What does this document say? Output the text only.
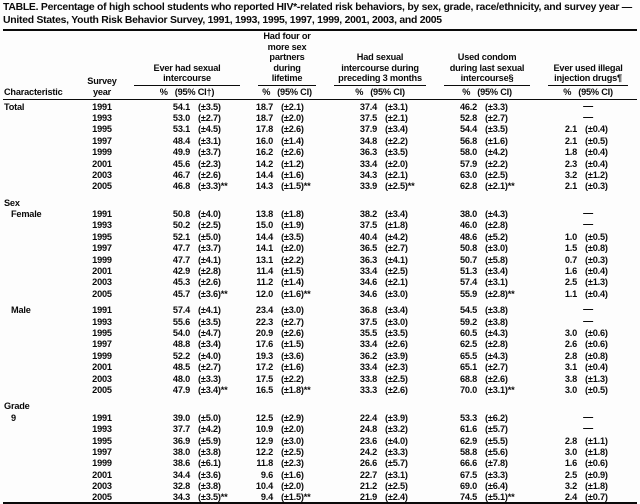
TABLE. Percentage of high school students who reported HIV*-related risk behaviors, by sex, grade, race/ethnicity, and survey year — United States, Youth Risk Behavior Survey, 1991, 1993, 1995, 1997, 1999, 2001, 2003, and 2005
Characteristic	Survey year	Ever had sexual intercourse		Had four or more sex partners during lifetime		Had sexual intercourse during preceding 3 months		Used condom during last sexual intercourse§		Ever used illegal injection drugs¶	

		% (95% CI†)		% (95% CI)		% (95% CI)		% (95% CI)		% (95% CI)	
Total	1991	54.1	(±3.5)	18.7	(±2.1)	37.4	(±3.1)	46.2	(±3.3)	—	
	1993	53.0	(±2.7)	18.7	(±2.0)	37.5	(±2.1)	52.8	(±2.7)	—	
	1995	53.1	(±4.5)	17.8	(±2.6)	37.9	(±3.4)	54.4	(±3.5)	2.1	(±0.4)
	1997	48.4	(±3.1)	16.0	(±1.4)	34.8	(±2.2)	56.8	(±1.6)	2.1	(±0.5)
	1999	49.9	(±3.7)	16.2	(±2.6)	36.3	(±3.5)	58.0	(±4.2)	1.8	(±0.4)
	2001	45.6	(±2.3)	14.2	(±1.2)	33.4	(±2.0)	57.9	(±2.2)	2.3	(±0.4)
	2003	46.7	(±2.6)	14.4	(±1.6)	34.3	(±2.1)	63.0	(±2.5)	3.2	(±1.2)
	2005	46.8	(±3.3)**	14.3	(±1.5)**	33.9	(±2.5)**	62.8	(±2.1)**	2.1	(±0.3)
Sex											
Female	1991	50.8	(±4.0)	13.8	(±1.8)	38.2	(±3.4)	38.0	(±4.3)	—	
	1993	50.2	(±2.5)	15.0	(±1.9)	37.5	(±1.8)	46.0	(±2.8)	—	
	1995	52.1	(±5.0)	14.4	(±3.5)	40.4	(±4.2)	48.6	(±5.2)	1.0	(±0.5)
	1997	47.7	(±3.7)	14.1	(±2.0)	36.5	(±2.7)	50.8	(±3.0)	1.5	(±0.8)
	1999	47.7	(±4.1)	13.1	(±2.2)	36.3	(±4.1)	50.7	(±5.8)	0.7	(±0.3)
	2001	42.9	(±2.8)	11.4	(±1.5)	33.4	(±2.5)	51.3	(±3.4)	1.6	(±0.4)
	2003	45.3	(±2.6)	11.2	(±1.4)	34.6	(±2.1)	57.4	(±3.1)	2.5	(±1.3)
	2005	45.7	(±3.6)**	12.0	(±1.6)**	34.6	(±3.0)	55.9	(±2.8)**	1.1	(±0.4)
Male	1991	57.4	(±4.1)	23.4	(±3.0)	36.8	(±3.4)	54.5	(±3.8)	—	
	1993	55.6	(±3.5)	22.3	(±2.7)	37.5	(±3.0)	59.2	(±3.8)	—	
	1995	54.0	(±4.7)	20.9	(±2.6)	35.5	(±3.5)	60.5	(±4.3)	3.0	(±0.6)
	1997	48.8	(±3.4)	17.6	(±1.5)	33.4	(±2.6)	62.5	(±2.8)	2.6	(±0.6)
	1999	52.2	(±4.0)	19.3	(±3.6)	36.2	(±3.9)	65.5	(±4.3)	2.8	(±0.8)
	2001	48.5	(±2.7)	17.2	(±1.6)	33.4	(±2.3)	65.1	(±2.7)	3.1	(±0.4)
	2003	48.0	(±3.3)	17.5	(±2.2)	33.8	(±2.5)	68.8	(±2.6)	3.8	(±1.3)
	2005	47.9	(±3.4)**	16.5	(±1.8)**	33.3	(±2.6)	70.0	(±3.1)**	3.0	(±0.5)
Grade											
9	1991	39.0	(±5.0)	12.5	(±2.9)	22.4	(±3.9)	53.3	(±6.2)	—	
	1993	37.7	(±4.2)	10.9	(±2.0)	24.8	(±3.2)	61.6	(±5.7)	—	
	1995	36.9	(±5.9)	12.9	(±3.0)	23.6	(±4.0)	62.9	(±5.5)	2.8	(±1.1)
	1997	38.0	(±3.8)	12.2	(±2.5)	24.2	(±3.3)	58.8	(±5.6)	3.0	(±1.8)
	1999	38.6	(±6.1)	11.8	(±2.3)	26.6	(±5.7)	66.6	(±7.8)	1.6	(±0.6)
	2001	34.4	(±3.6)	9.6	(±1.6)	22.7	(±3.1)	67.5	(±3.3)	2.5	(±0.9)
	2003	32.8	(±3.8)	10.4	(±2.0)	21.2	(±2.5)	69.0	(±6.4)	3.2	(±1.8)
	2005	34.3	(±3.5)**	9.4	(±1.5)**	21.9	(±2.4)	74.5	(±5.1)**	2.4	(±0.7)
